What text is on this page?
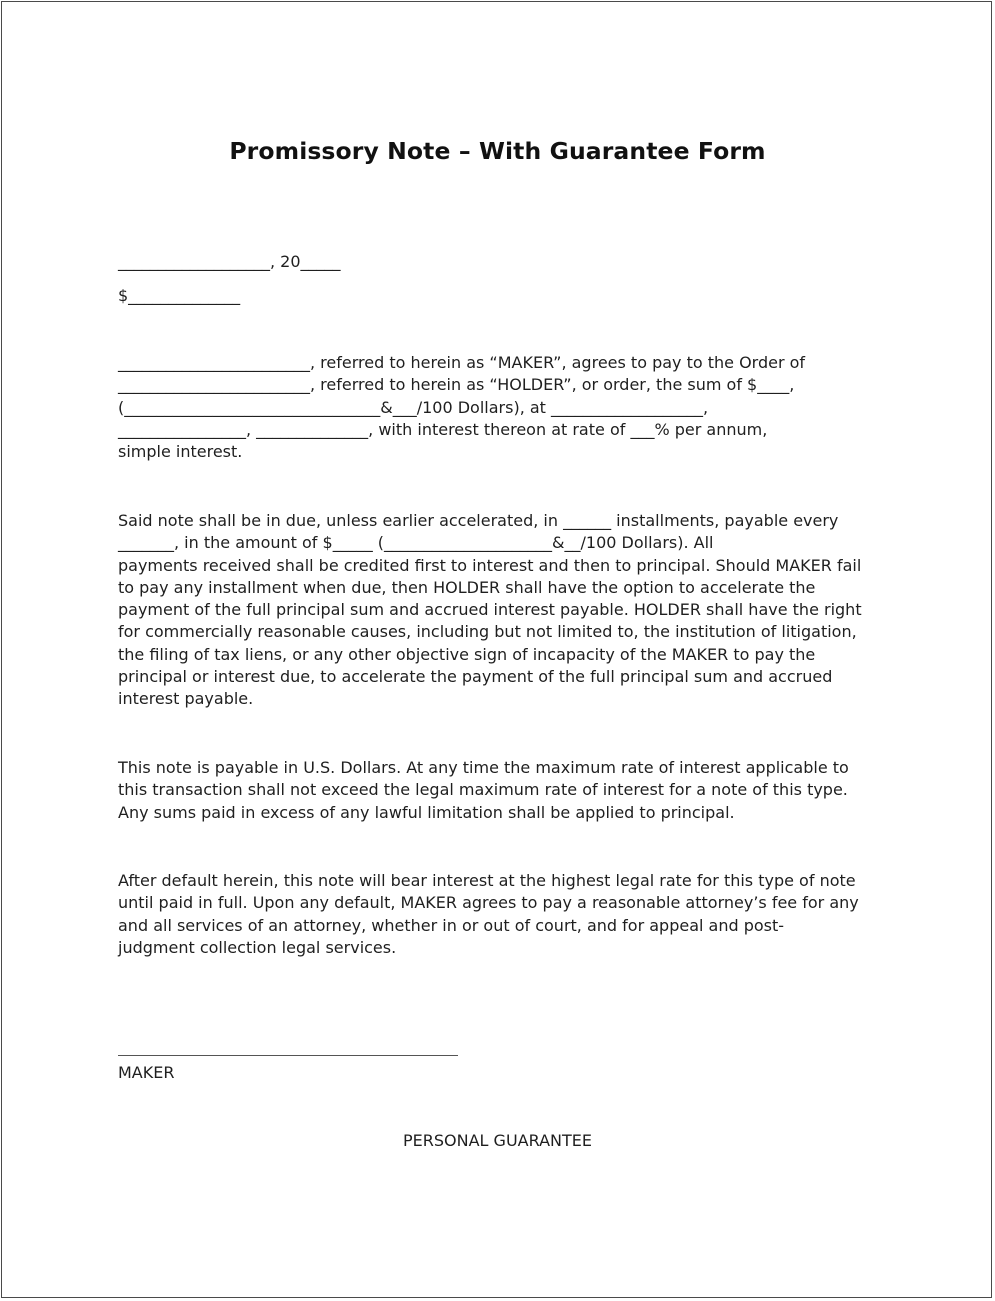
Promissory Note – With Guarantee Form
___________________, 20_____
$______________
________________________, referred to herein as “MAKER”, agrees to pay to the Order of
________________________, referred to herein as “HOLDER”, or order, the sum of $____,
(________________________________&___/100 Dollars), at ___________________,
________________, ______________, with interest thereon at rate of ___% per annum,
simple interest.
Said note shall be in due, unless earlier accelerated, in ______ installments, payable every
_______, in the amount of $_____ (_____________________&__/100 Dollars). All
payments received shall be credited first to interest and then to principal. Should MAKER fail
to pay any installment when due, then HOLDER shall have the option to accelerate the
payment of the full principal sum and accrued interest payable. HOLDER shall have the right
for commercially reasonable causes, including but not limited to, the institution of litigation,
the filing of tax liens, or any other objective sign of incapacity of the MAKER to pay the
principal or interest due, to accelerate the payment of the full principal sum and accrued
interest payable.
This note is payable in U.S. Dollars. At any time the maximum rate of interest applicable to
this transaction shall not exceed the legal maximum rate of interest for a note of this type.
Any sums paid in excess of any lawful limitation shall be applied to principal.
After default herein, this note will bear interest at the highest legal rate for this type of note
until paid in full. Upon any default, MAKER agrees to pay a reasonable attorney’s fee for any
and all services of an attorney, whether in or out of court, and for appeal and post-
judgment collection legal services.
MAKER
PERSONAL GUARANTEE
